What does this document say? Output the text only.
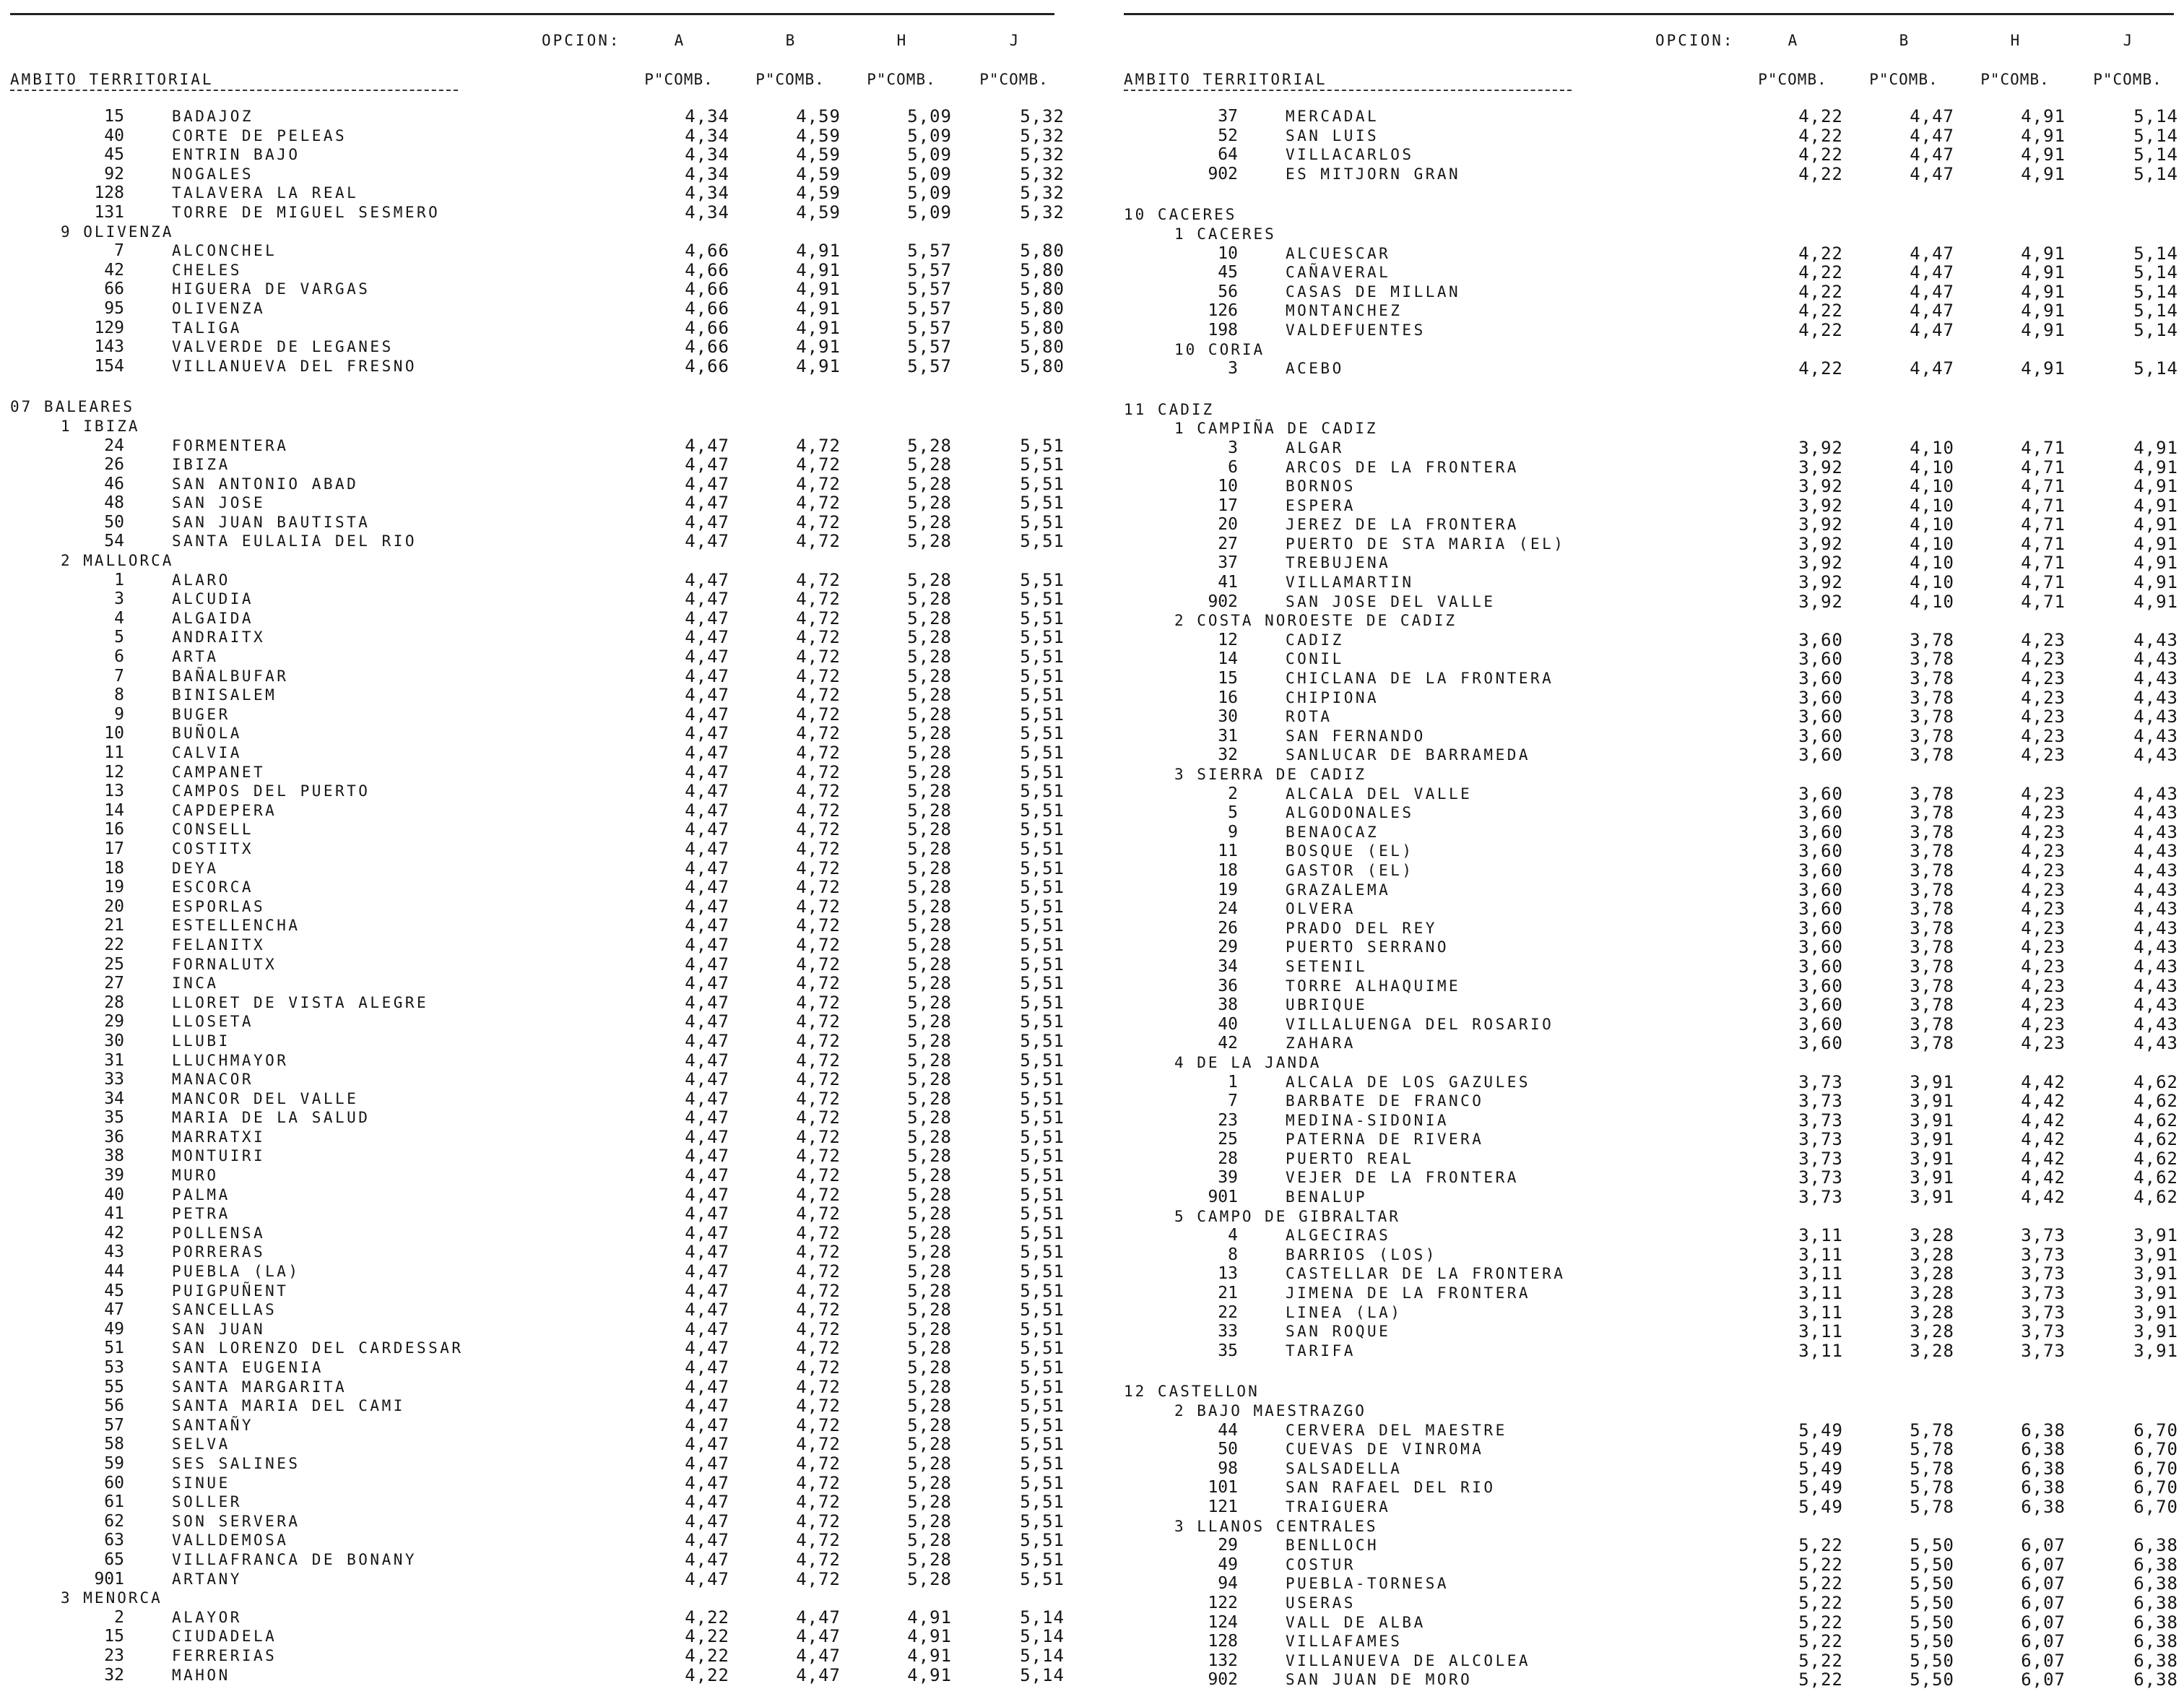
OPCION:	A	B	H	J
AMBITO TERRITORIAL	P"COMB.	P"COMB.	P"COMB.	P"COMB.
15	BADAJOZ	4,34	4,59	5,09	5,32
40	CORTE DE PELEAS	4,34	4,59	5,09	5,32
45	ENTRIN BAJO	4,34	4,59	5,09	5,32
92	NOGALES	4,34	4,59	5,09	5,32
128	TALAVERA LA REAL	4,34	4,59	5,09	5,32
131	TORRE DE MIGUEL SESMERO	4,34	4,59	5,09	5,32
9 OLIVENZA
7	ALCONCHEL	4,66	4,91	5,57	5,80
42	CHELES	4,66	4,91	5,57	5,80
66	HIGUERA DE VARGAS	4,66	4,91	5,57	5,80
95	OLIVENZA	4,66	4,91	5,57	5,80
129	TALIGA	4,66	4,91	5,57	5,80
143	VALVERDE DE LEGANES	4,66	4,91	5,57	5,80
154	VILLANUEVA DEL FRESNO	4,66	4,91	5,57	5,80
07 BALEARES
1 IBIZA
24	FORMENTERA	4,47	4,72	5,28	5,51
26	IBIZA	4,47	4,72	5,28	5,51
46	SAN ANTONIO ABAD	4,47	4,72	5,28	5,51
48	SAN JOSE	4,47	4,72	5,28	5,51
50	SAN JUAN BAUTISTA	4,47	4,72	5,28	5,51
54	SANTA EULALIA DEL RIO	4,47	4,72	5,28	5,51
2 MALLORCA
1	ALARO	4,47	4,72	5,28	5,51
3	ALCUDIA	4,47	4,72	5,28	5,51
4	ALGAIDA	4,47	4,72	5,28	5,51
5	ANDRAITX	4,47	4,72	5,28	5,51
6	ARTA	4,47	4,72	5,28	5,51
7	BAÑALBUFAR	4,47	4,72	5,28	5,51
8	BINISALEM	4,47	4,72	5,28	5,51
9	BUGER	4,47	4,72	5,28	5,51
10	BUÑOLA	4,47	4,72	5,28	5,51
11	CALVIA	4,47	4,72	5,28	5,51
12	CAMPANET	4,47	4,72	5,28	5,51
13	CAMPOS DEL PUERTO	4,47	4,72	5,28	5,51
14	CAPDEPERA	4,47	4,72	5,28	5,51
16	CONSELL	4,47	4,72	5,28	5,51
17	COSTITX	4,47	4,72	5,28	5,51
18	DEYA	4,47	4,72	5,28	5,51
19	ESCORCA	4,47	4,72	5,28	5,51
20	ESPORLAS	4,47	4,72	5,28	5,51
21	ESTELLENCHA	4,47	4,72	5,28	5,51
22	FELANITX	4,47	4,72	5,28	5,51
25	FORNALUTX	4,47	4,72	5,28	5,51
27	INCA	4,47	4,72	5,28	5,51
28	LLORET DE VISTA ALEGRE	4,47	4,72	5,28	5,51
29	LLOSETA	4,47	4,72	5,28	5,51
30	LLUBI	4,47	4,72	5,28	5,51
31	LLUCHMAYOR	4,47	4,72	5,28	5,51
33	MANACOR	4,47	4,72	5,28	5,51
34	MANCOR DEL VALLE	4,47	4,72	5,28	5,51
35	MARIA DE LA SALUD	4,47	4,72	5,28	5,51
36	MARRATXI	4,47	4,72	5,28	5,51
38	MONTUIRI	4,47	4,72	5,28	5,51
39	MURO	4,47	4,72	5,28	5,51
40	PALMA	4,47	4,72	5,28	5,51
41	PETRA	4,47	4,72	5,28	5,51
42	POLLENSA	4,47	4,72	5,28	5,51
43	PORRERAS	4,47	4,72	5,28	5,51
44	PUEBLA (LA)	4,47	4,72	5,28	5,51
45	PUIGPUÑENT	4,47	4,72	5,28	5,51
47	SANCELLAS	4,47	4,72	5,28	5,51
49	SAN JUAN	4,47	4,72	5,28	5,51
51	SAN LORENZO DEL CARDESSAR	4,47	4,72	5,28	5,51
53	SANTA EUGENIA	4,47	4,72	5,28	5,51
55	SANTA MARGARITA	4,47	4,72	5,28	5,51
56	SANTA MARIA DEL CAMI	4,47	4,72	5,28	5,51
57	SANTAÑY	4,47	4,72	5,28	5,51
58	SELVA	4,47	4,72	5,28	5,51
59	SES SALINES	4,47	4,72	5,28	5,51
60	SINUE	4,47	4,72	5,28	5,51
61	SOLLER	4,47	4,72	5,28	5,51
62	SON SERVERA	4,47	4,72	5,28	5,51
63	VALLDEMOSA	4,47	4,72	5,28	5,51
65	VILLAFRANCA DE BONANY	4,47	4,72	5,28	5,51
901	ARTANY	4,47	4,72	5,28	5,51
3 MENORCA
2	ALAYOR	4,22	4,47	4,91	5,14
15	CIUDADELA	4,22	4,47	4,91	5,14
23	FERRERIAS	4,22	4,47	4,91	5,14
32	MAHON	4,22	4,47	4,91	5,14
OPCION:	A	B	H	J
AMBITO TERRITORIAL	P"COMB.	P"COMB.	P"COMB.	P"COMB.
37	MERCADAL	4,22	4,47	4,91	5,14
52	SAN LUIS	4,22	4,47	4,91	5,14
64	VILLACARLOS	4,22	4,47	4,91	5,14
902	ES MITJORN GRAN	4,22	4,47	4,91	5,14
10 CACERES
1 CACERES
10	ALCUESCAR	4,22	4,47	4,91	5,14
45	CAÑAVERAL	4,22	4,47	4,91	5,14
56	CASAS DE MILLAN	4,22	4,47	4,91	5,14
126	MONTANCHEZ	4,22	4,47	4,91	5,14
198	VALDEFUENTES	4,22	4,47	4,91	5,14
10 CORIA
3	ACEBO	4,22	4,47	4,91	5,14
11 CADIZ
1 CAMPIÑA DE CADIZ
3	ALGAR	3,92	4,10	4,71	4,91
6	ARCOS DE LA FRONTERA	3,92	4,10	4,71	4,91
10	BORNOS	3,92	4,10	4,71	4,91
17	ESPERA	3,92	4,10	4,71	4,91
20	JEREZ DE LA FRONTERA	3,92	4,10	4,71	4,91
27	PUERTO DE STA MARIA (EL)	3,92	4,10	4,71	4,91
37	TREBUJENA	3,92	4,10	4,71	4,91
41	VILLAMARTIN	3,92	4,10	4,71	4,91
902	SAN JOSE DEL VALLE	3,92	4,10	4,71	4,91
2 COSTA NOROESTE DE CADIZ
12	CADIZ	3,60	3,78	4,23	4,43
14	CONIL	3,60	3,78	4,23	4,43
15	CHICLANA DE LA FRONTERA	3,60	3,78	4,23	4,43
16	CHIPIONA	3,60	3,78	4,23	4,43
30	ROTA	3,60	3,78	4,23	4,43
31	SAN FERNANDO	3,60	3,78	4,23	4,43
32	SANLUCAR DE BARRAMEDA	3,60	3,78	4,23	4,43
3 SIERRA DE CADIZ
2	ALCALA DEL VALLE	3,60	3,78	4,23	4,43
5	ALGODONALES	3,60	3,78	4,23	4,43
9	BENAOCAZ	3,60	3,78	4,23	4,43
11	BOSQUE (EL)	3,60	3,78	4,23	4,43
18	GASTOR (EL)	3,60	3,78	4,23	4,43
19	GRAZALEMA	3,60	3,78	4,23	4,43
24	OLVERA	3,60	3,78	4,23	4,43
26	PRADO DEL REY	3,60	3,78	4,23	4,43
29	PUERTO SERRANO	3,60	3,78	4,23	4,43
34	SETENIL	3,60	3,78	4,23	4,43
36	TORRE ALHAQUIME	3,60	3,78	4,23	4,43
38	UBRIQUE	3,60	3,78	4,23	4,43
40	VILLALUENGA DEL ROSARIO	3,60	3,78	4,23	4,43
42	ZAHARA	3,60	3,78	4,23	4,43
4 DE LA JANDA
1	ALCALA DE LOS GAZULES	3,73	3,91	4,42	4,62
7	BARBATE DE FRANCO	3,73	3,91	4,42	4,62
23	MEDINA-SIDONIA	3,73	3,91	4,42	4,62
25	PATERNA DE RIVERA	3,73	3,91	4,42	4,62
28	PUERTO REAL	3,73	3,91	4,42	4,62
39	VEJER DE LA FRONTERA	3,73	3,91	4,42	4,62
901	BENALUP	3,73	3,91	4,42	4,62
5 CAMPO DE GIBRALTAR
4	ALGECIRAS	3,11	3,28	3,73	3,91
8	BARRIOS (LOS)	3,11	3,28	3,73	3,91
13	CASTELLAR DE LA FRONTERA	3,11	3,28	3,73	3,91
21	JIMENA DE LA FRONTERA	3,11	3,28	3,73	3,91
22	LINEA (LA)	3,11	3,28	3,73	3,91
33	SAN ROQUE	3,11	3,28	3,73	3,91
35	TARIFA	3,11	3,28	3,73	3,91
12 CASTELLON
2 BAJO MAESTRAZGO
44	CERVERA DEL MAESTRE	5,49	5,78	6,38	6,70
50	CUEVAS DE VINROMA	5,49	5,78	6,38	6,70
98	SALSADELLA	5,49	5,78	6,38	6,70
101	SAN RAFAEL DEL RIO	5,49	5,78	6,38	6,70
121	TRAIGUERA	5,49	5,78	6,38	6,70
3 LLANOS CENTRALES
29	BENLLOCH	5,22	5,50	6,07	6,38
49	COSTUR	5,22	5,50	6,07	6,38
94	PUEBLA-TORNESA	5,22	5,50	6,07	6,38
122	USERAS	5,22	5,50	6,07	6,38
124	VALL DE ALBA	5,22	5,50	6,07	6,38
128	VILLAFAMES	5,22	5,50	6,07	6,38
132	VILLANUEVA DE ALCOLEA	5,22	5,50	6,07	6,38
902	SAN JUAN DE MORO	5,22	5,50	6,07	6,38
